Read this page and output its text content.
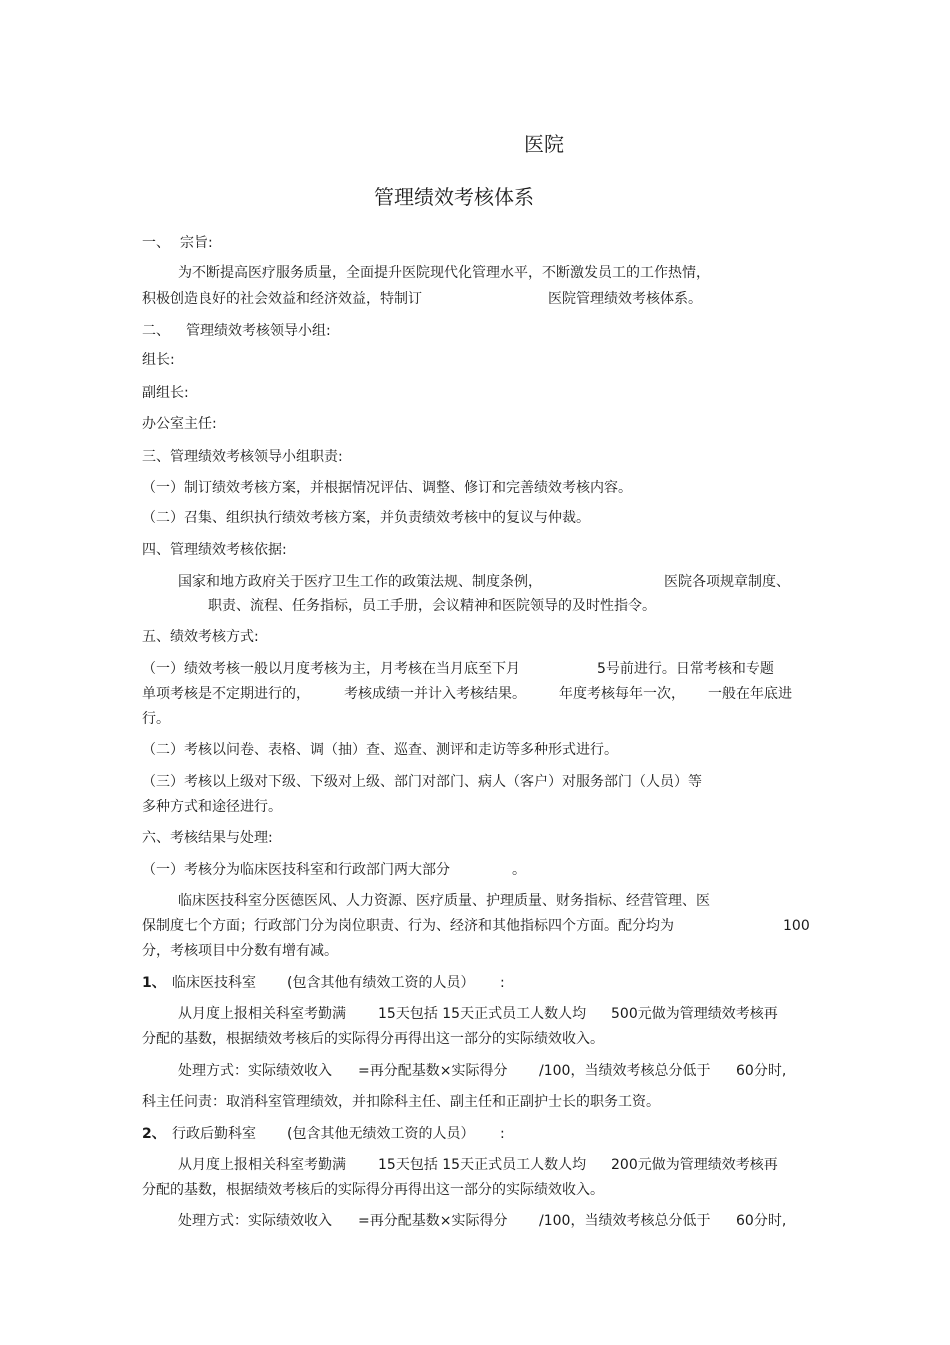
医院
管理绩效考核体系
一、 宗旨:
为不断提高医疗服务质量，全面提升医院现代化管理水平，不断激发员工的工作热情，
积极创造良好的社会效益和经济效益，特制订	医院管理绩效考核体系。
二、 管理绩效考核领导小组:
组长:
副组长:
办公室主任:
三、管理绩效考核领导小组职责:
（一）制订绩效考核方案，并根据情况评估、调整、修订和完善绩效考核内容。
（二）召集、组织执行绩效考核方案，并负责绩效考核中的复议与仲裁。
四、管理绩效考核依据:
国家和地方政府关于医疗卫生工作的政策法规、制度条例，	医院各项规章制度、
职责、流程、任务指标，员工手册，会议精神和医院领导的及时性指令。
五、绩效考核方式:
（一）绩效考核一般以月度考核为主，月考核在当月底至下月	5号前进行。日常考核和专题
单项考核是不定期进行的， 考核成绩一并计入考核结果。 年度考核每年一次， 一般在年底进
行。
（二）考核以问卷、表格、调（抽）查、巡查、测评和走访等多种形式进行。
（三）考核以上级对下级、下级对上级、部门对部门、病人（客户）对服务部门（人员）等
多种方式和途径进行。
六、考核结果与处理:
（一）考核分为临床医技科室和行政部门两大部分	。
临床医技科室分医德医风、人力资源、医疗质量、护理质量、财务指标、经营管理、医
保制度七个方面；行政部门分为岗位职责、行为、经济和其他指标四个方面。配分均为	100
分，考核项目中分数有增有减。
1、 临床医技科室 (包含其他有绩效工资的人员） :
从月度上报相关科室考勤满 15天包括 15天正式员工人数人均 500元做为管理绩效考核再
分配的基数，根据绩效考核后的实际得分再得出这一部分的实际绩效收入。
处理方式：实际绩效收入 =再分配基数×实际得分 /100，当绩效考核总分低于 60分时,
科主任问责：取消科室管理绩效，并扣除科主任、副主任和正副护士长的职务工资。
2、 行政后勤科室 (包含其他无绩效工资的人员） :
从月度上报相关科室考勤满 15天包括 15天正式员工人数人均 200元做为管理绩效考核再
分配的基数，根据绩效考核后的实际得分再得出这一部分的实际绩效收入。
处理方式：实际绩效收入 =再分配基数×实际得分 /100，当绩效考核总分低于 60分时,
